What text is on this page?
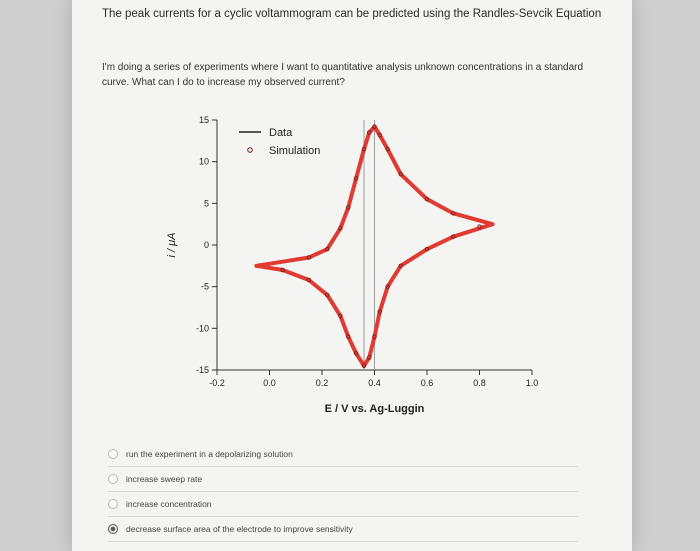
The peak currents for a cyclic voltammogram can be predicted using the Randles-Sevcik Equation
I'm doing a series of experiments where I want to quantitative analysis unknown concentrations in a standard curve. What can I do to increase my observed current?
15
10
5
0
-5
-10
-15
-0.2	0.0	0.2	0.4	0.6	0.8	1.0
E / V vs. Ag-Luggin
i / μA
Data
Simulation
run the experiment in a depolarizing solution
increase sweep rate
increase concentration
decrease surface area of the electrode to improve sensitivity
